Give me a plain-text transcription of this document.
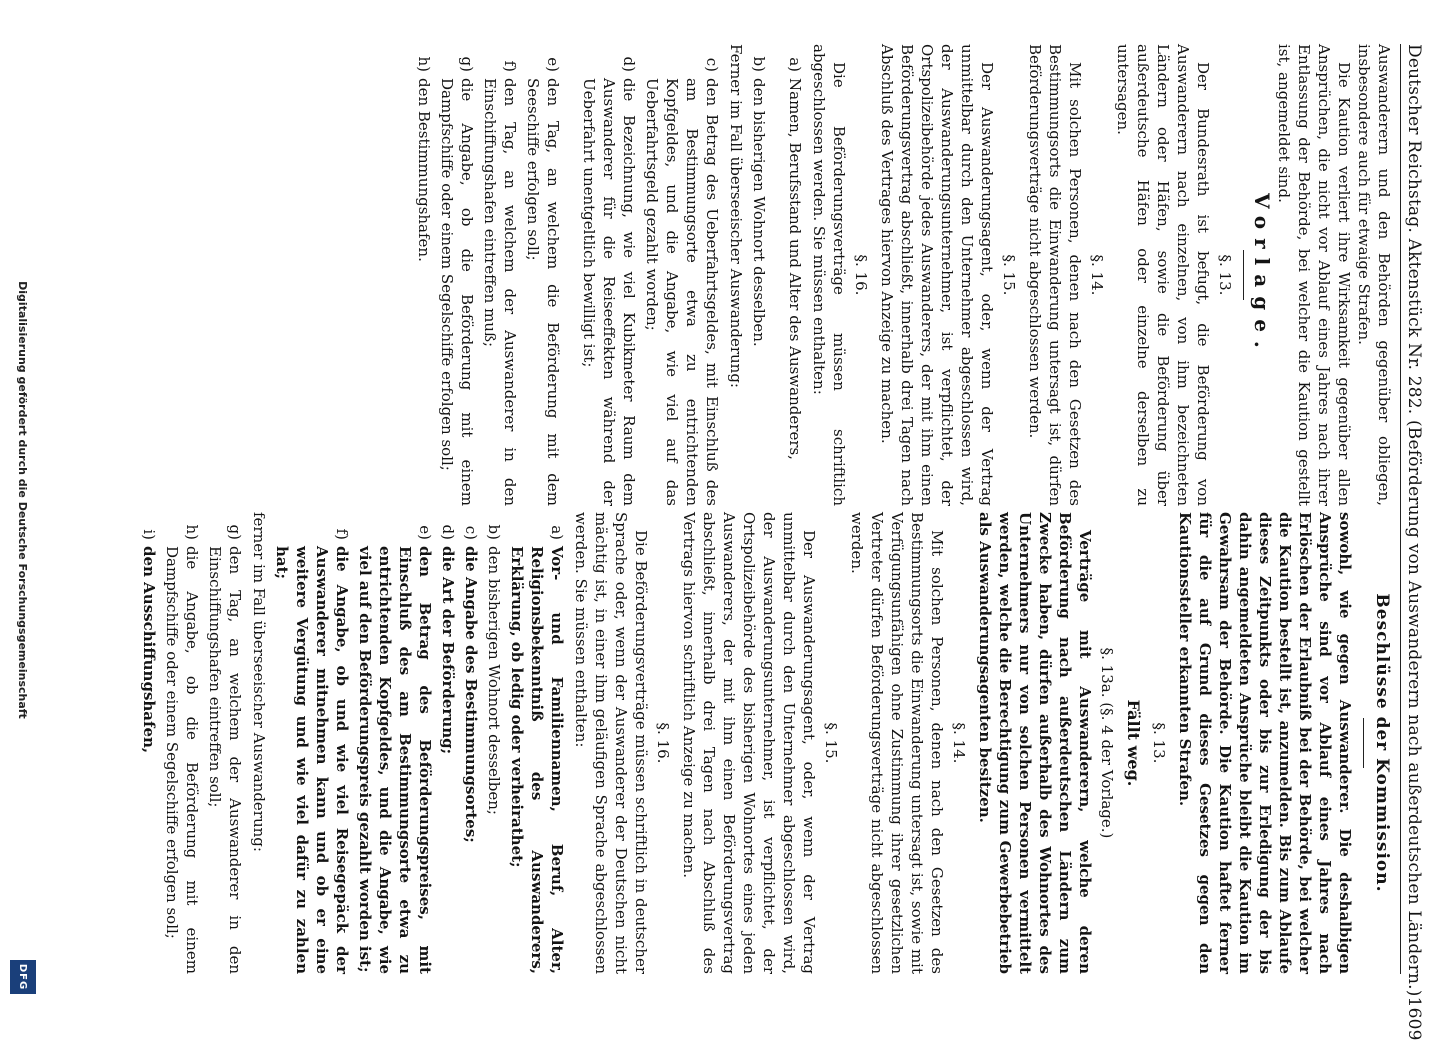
Deutscher Reichstag. Aktenstück Nr. 282. (Beförderung von Auswanderern nach außerdeutschen Ländern.)
1609

Auswanderern und den Behörden gegenüber obliegen, insbesondere auch für etwaige Strafen.

Die Kaution verliert ihre Wirksamkeit gegenüber allen Ansprüchen, die nicht vor Ablauf eines Jahres nach ihrer Entlassung der Behörde, bei welcher die Kaution gestellt ist, angemeldet sind.

Vorlage.
§. 13.

Der Bundesrath ist befugt, die Beförderung von Auswanderern nach einzelnen, von ihm bezeichneten Ländern oder Häfen, sowie die Beförderung über außerdeutsche Häfen oder einzelne derselben zu untersagen.

§. 14.

Mit solchen Personen, denen nach den Gesetzen des Bestimmungsorts die Einwanderung untersagt ist, dürfen Beförderungsverträge nicht abgeschlossen werden.

§. 15.

Der Auswanderungsagent, oder, wenn der Vertrag unmittelbar durch den Unternehmer abgeschlossen wird, der Auswanderungsunternehmer, ist verpflichtet, der Ortspolizeibehörde jedes Auswanderers, der mit ihm einen Beförderungsvertrag abschließt, innerhalb drei Tagen nach Abschluß des Vertrages hiervon Anzeige zu machen.

§. 16.

Die Beförderungsverträge müssen schriftlich abgeschlossen werden. Sie müssen enthalten:

a)
Namen, Berufsstand und Alter des Auswanderers,
b)
den bisherigen Wohnort desselben.

Ferner im Fall überseeischer Auswanderung:

c)
den Betrag des Ueberfahrtsgeldes, mit Einschluß des am Bestimmungsorte etwa zu entrichtenden Kopfgeldes, und die Angabe, wie viel auf das Ueberfahrtsgeld gezahlt worden;
d)
die Bezeichnung, wie viel Kubikmeter Raum dem Auswanderer für die Reiseeffekten während der Ueberfahrt unentgeltlich bewilligt ist;
e)
den Tag, an welchem die Beförderung mit dem Seeschiffe erfolgen soll;
f)
den Tag, an welchem der Auswanderer in den Einschiffungshafen eintreffen muß;
g)
die Angabe, ob die Beförderung mit einem Dampfschiffe oder einem Segelschiffe erfolgen soll;
h)
den Bestimmungshafen.
Beschlüsse der Kommission.

sowohl, wie gegen Auswanderer. Die deshalbigen Ansprüche sind vor Ablauf eines Jahres nach Erlöschen der Erlaubniß bei der Behörde, bei welcher die Kaution bestellt ist, anzumelden. Bis zum Ablaufe dieses Zeitpunkts oder bis zur Erledigung der bis dahin angemeldeten Ansprüche bleibt die Kaution im Gewahrsam der Behörde. Die Kaution haftet ferner für die auf Grund dieses Gesetzes gegen den Kautionssteller erkannten Strafen.

§. 13.
Fällt weg.
§. 13a. (§. 4 der Vorlage.)

Verträge mit Auswanderern, welche deren Beförderung nach außerdeutschen Ländern zum Zwecke haben, dürfen außerhalb des Wohnortes des Unternehmers nur von solchen Personen vermittelt werden, welche die Berechtigung zum Gewerbebetrieb als Auswanderungsagenten besitzen.

§. 14.

Mit solchen Personen, denen nach den Gesetzen des Bestimmungsorts die Einwanderung untersagt ist, sowie mit Verfügungsunfähigen ohne Zustimmung ihrer gesetzlichen Vertreter dürfen Beförderungsverträge nicht abgeschlossen werden.

§. 15.

Der Auswanderungsagent, oder, wenn der Vertrag unmittelbar durch den Unternehmer abgeschlossen wird, der Auswanderungsunternehmer, ist verpflichtet, der Ortspolizeibehörde des bisherigen Wohnortes eines jeden Auswanderers, der mit ihm einen Beförderungsvertrag abschließt, innerhalb drei Tagen nach Abschluß des Vertrags hiervon schriftlich Anzeige zu machen.

§. 16.

Die Beförderungsverträge müssen schriftlich in deutscher Sprache oder, wenn der Auswanderer der Deutschen nicht mächtig ist, in einer ihm geläufigen Sprache abgeschlossen werden. Sie müssen enthalten:

a)
Vor- und Familiennamen, Beruf, Alter, Religionsbekenntniß des Auswanderers, Erklärung, ob ledig oder verheirathet;
b)
den bisherigen Wohnort desselben;
c)
die Angabe des Bestimmungsortes;
d)
die Art der Beförderung;
e)
den Betrag des Beförderungspreises, mit Einschluß des am Bestimmungsorte etwa zu entrichtenden Kopfgeldes, und die Angabe, wie viel auf den Beförderungspreis gezahlt worden ist;
f)
die Angabe, ob und wie viel Reisegepäck der Auswanderer mitnehmen kann und ob er eine weitere Vergütung und wie viel dafür zu zahlen hat;

ferner im Fall überseeischer Auswanderung:

g)
den Tag, an welchem der Auswanderer in den Einschiffungshafen eintreffen soll;
h)
die Angabe, ob die Beförderung mit einem Dampfschiffe oder einem Segelschiffe erfolgen soll;
i)
den Ausschiffungshafen,
Digitalisierung gefördert durch die Deutsche Forschungsgemeinschaft
DFG
